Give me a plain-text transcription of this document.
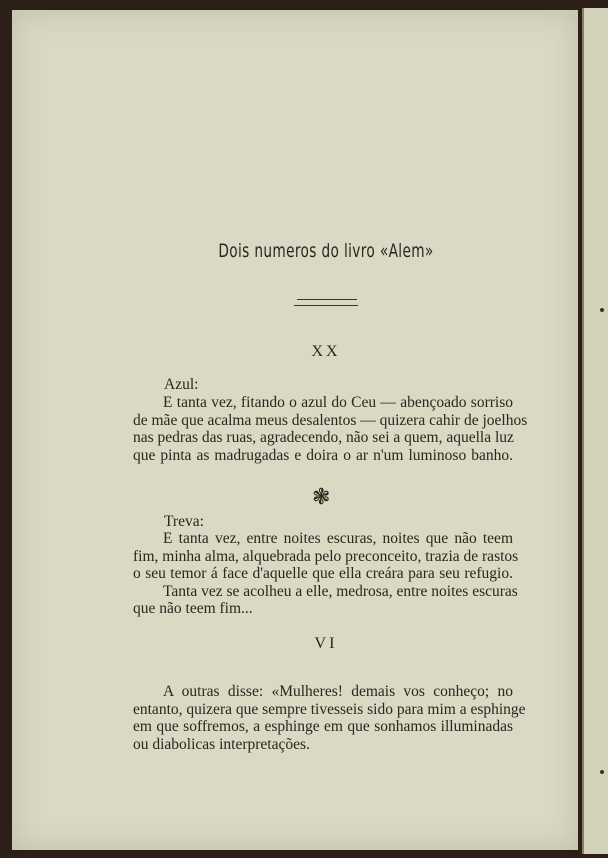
Dois numeros do livro «Alem»
XX
Azul:
E tanta vez, fitando o azul do Ceu — abençoado sorriso
de mãe que acalma meus desalentos — quizera cahir de joelhos
nas pedras das ruas, agradecendo, não sei a quem, aquella luz
que pinta as madrugadas e doira o ar n'um luminoso banho.
❃
Treva:
E tanta vez, entre noites escuras, noites que não teem
fim, minha alma, alquebrada pelo preconceito, trazia de rastos
o seu temor á face d'aquelle que ella creára para seu refugio.
Tanta vez se acolheu a elle, medrosa, entre noites escuras
que não teem fim...
VI
A outras disse: «Mulheres! demais vos conheço; no
entanto, quizera que sempre tivesseis sido para mim a esphinge
em que soffremos, a esphinge em que sonhamos illuminadas
ou diabolicas interpretações.
